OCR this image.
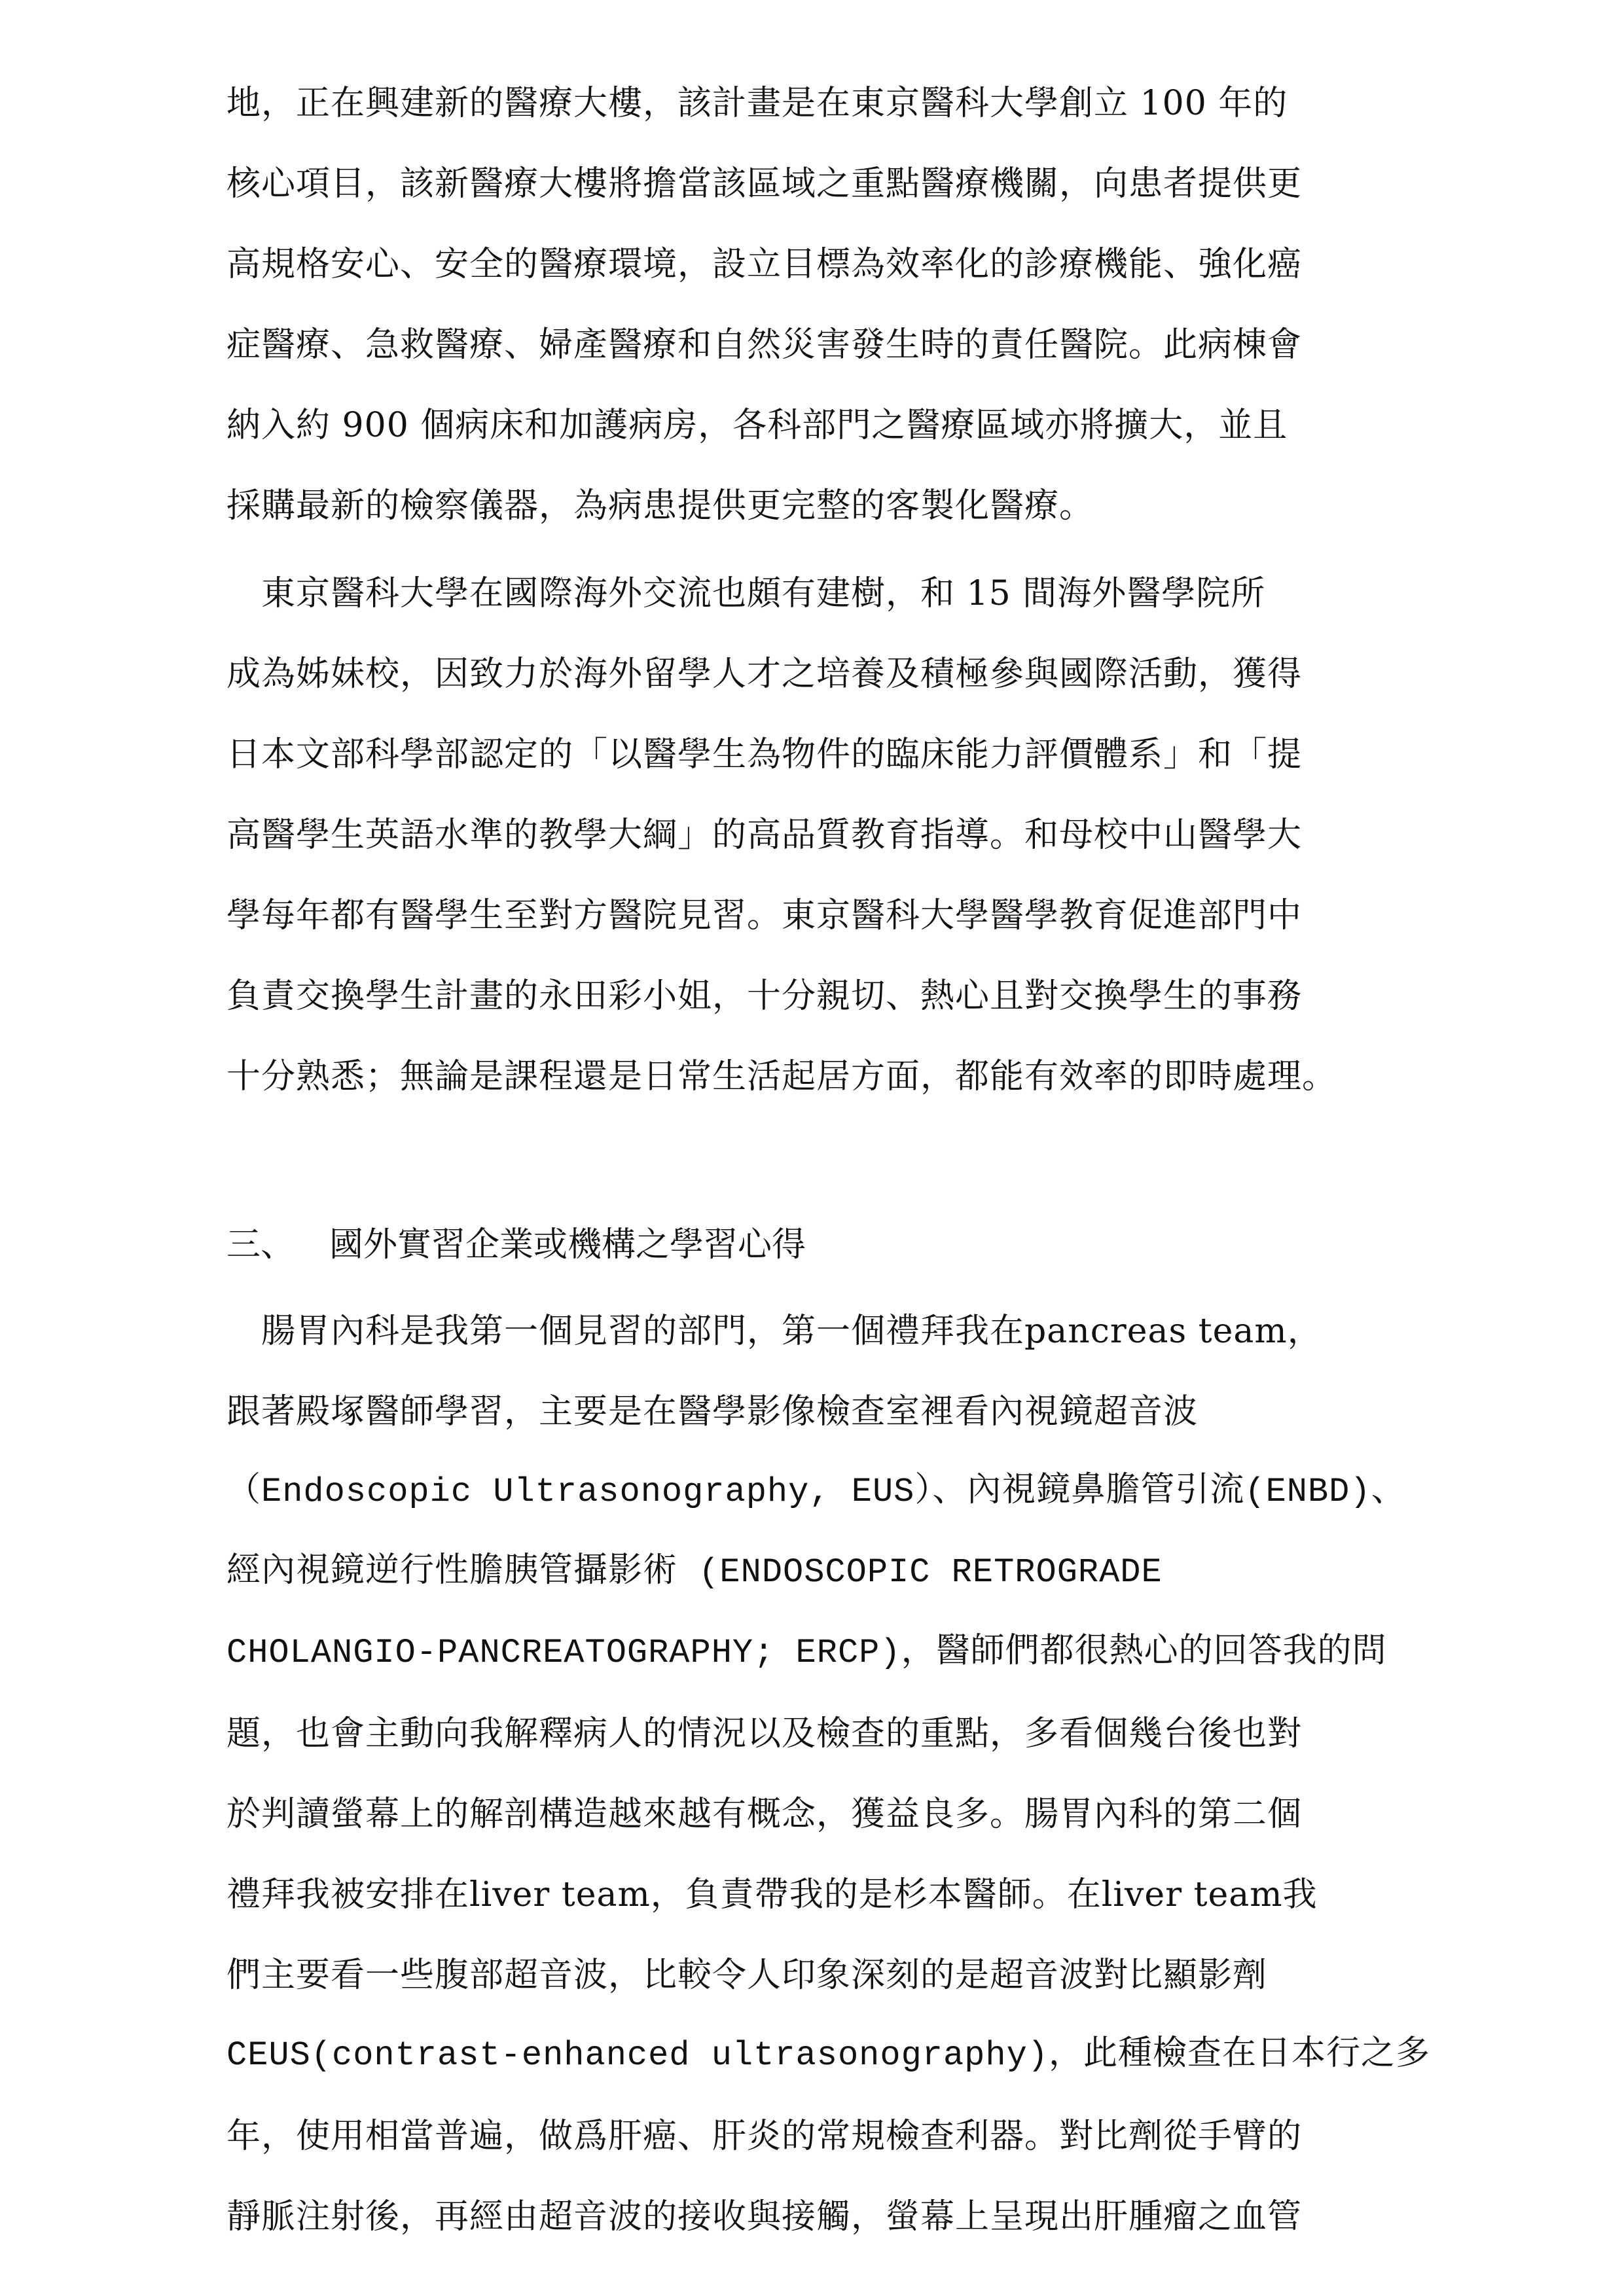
地，正在興建新的醫療大樓，該計畫是在東京醫科大學創立 100 年的
核心項目，該新醫療大樓將擔當該區域之重點醫療機關，向患者提供更
高規格安心、安全的醫療環境，設立目標為效率化的診療機能、強化癌
症醫療、急救醫療、婦產醫療和自然災害發生時的責任醫院。此病棟會
納入約 900 個病床和加護病房，各科部門之醫療區域亦將擴大，並且
採購最新的檢察儀器，為病患提供更完整的客製化醫療。
　東京醫科大學在國際海外交流也頗有建樹，和 15 間海外醫學院所
成為姊妹校，因致力於海外留學人才之培養及積極參與國際活動，獲得
日本文部科學部認定的「以醫學生為物件的臨床能力評價體系」和「提
高醫學生英語水準的教學大綱」的高品質教育指導。和母校中山醫學大
學每年都有醫學生至對方醫院見習。東京醫科大學醫學教育促進部門中
負責交換學生計畫的永田彩小姐，十分親切、熱心且對交換學生的事務
十分熟悉；無論是課程還是日常生活起居方面，都能有效率的即時處理。
三、 國外實習企業或機構之學習心得
　腸胃內科是我第一個見習的部門，第一個禮拜我在pancreas team，
跟著殿塚醫師學習，主要是在醫學影像檢查室裡看內視鏡超音波
（Endoscopic Ultrasonography, EUS）、內視鏡鼻膽管引流(ENBD)、
經內視鏡逆行性膽胰管攝影術 (ENDOSCOPIC RETROGRADE
CHOLANGIO-PANCREATOGRAPHY; ERCP)，醫師們都很熱心的回答我的問
題，也會主動向我解釋病人的情況以及檢查的重點，多看個幾台後也對
於判讀螢幕上的解剖構造越來越有概念，獲益良多。腸胃內科的第二個
禮拜我被安排在liver team，負責帶我的是杉本醫師。在liver team我
們主要看一些腹部超音波，比較令人印象深刻的是超音波對比顯影劑
CEUS(contrast-enhanced ultrasonography)，此種檢查在日本行之多
年，使用相當普遍，做爲肝癌、肝炎的常規檢查利器。對比劑從手臂的
靜脈注射後，再經由超音波的接收與接觸，螢幕上呈現出肝腫瘤之血管
